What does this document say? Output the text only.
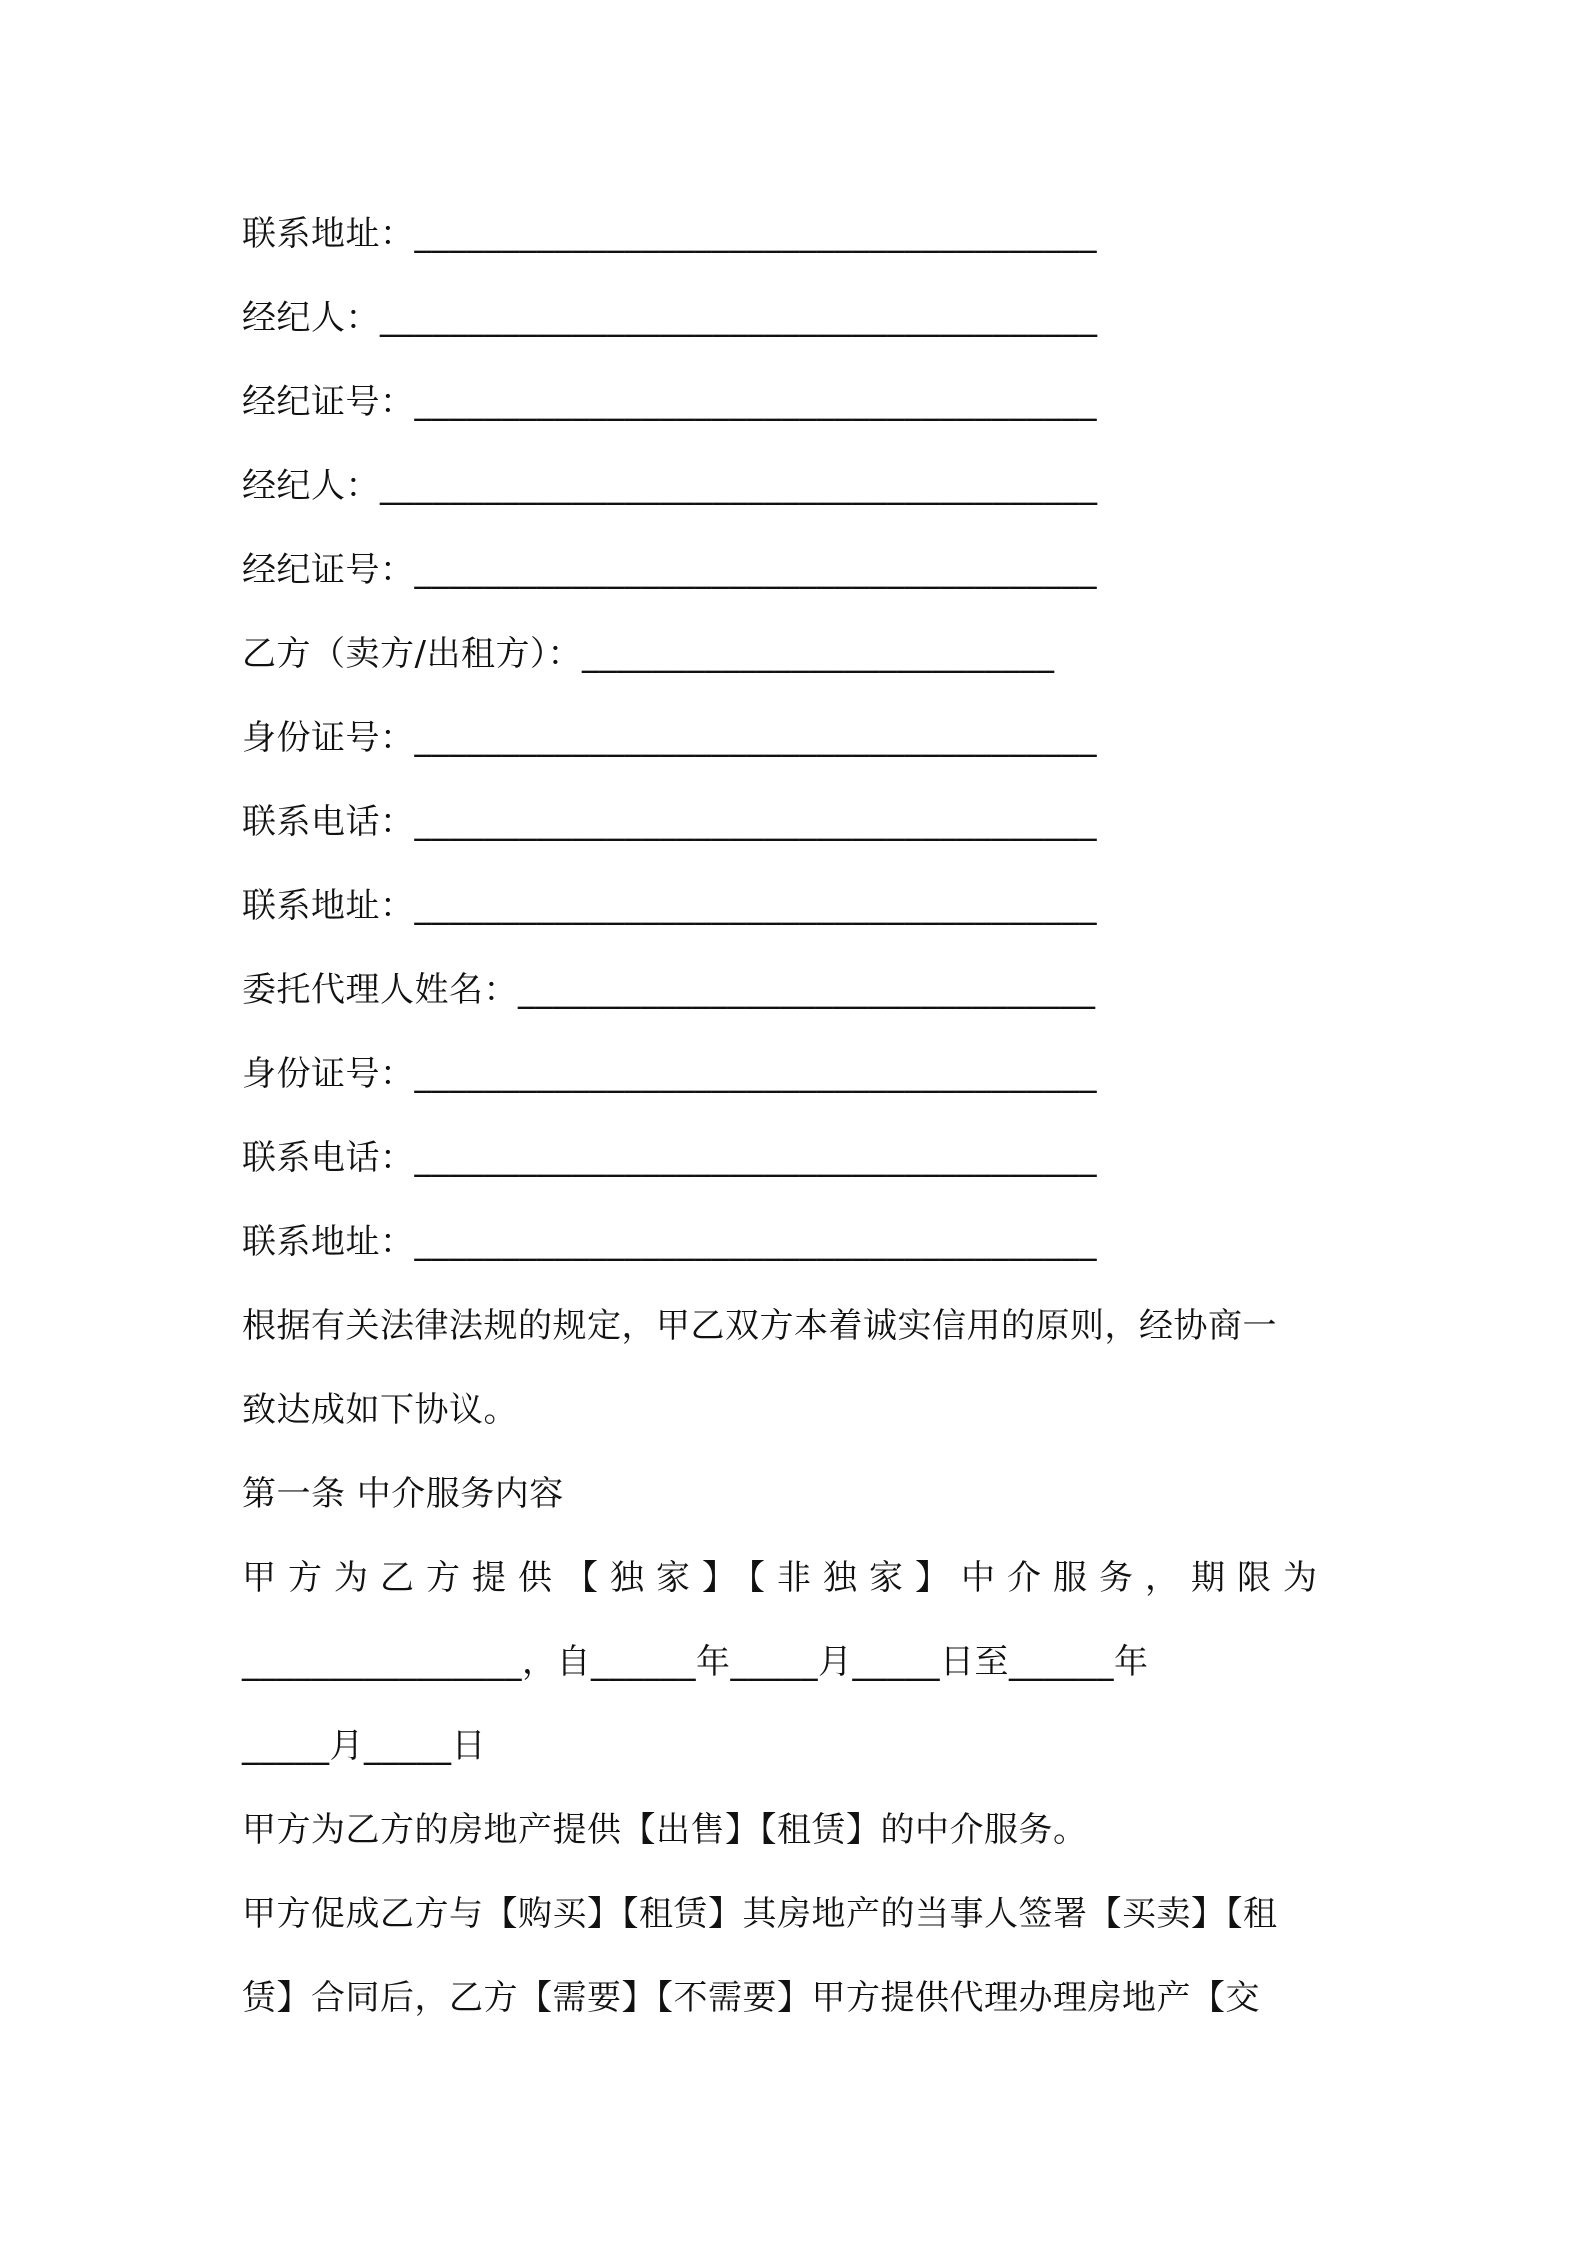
联系地址：_______________________________________
经纪人：_________________________________________
经纪证号：_______________________________________
经纪人：_________________________________________
经纪证号：_______________________________________
乙方（卖方/出租方）：___________________________
身份证号：_______________________________________
联系电话：_______________________________________
联系地址：_______________________________________
委托代理人姓名：_________________________________
身份证号：_______________________________________
联系电话：_______________________________________
联系地址：_______________________________________
根据有关法律法规的规定，甲乙双方本着诚实信用的原则，经协商一
致达成如下协议。
第一条 中介服务内容
甲方为乙方提供【独家】【非独家】中介服务，期限为
________________，自______年_____月_____日至______年
_____月_____日
甲方为乙方的房地产提供【出售】【租赁】的中介服务。
甲方促成乙方与【购买】【租赁】其房地产的当事人签署【买卖】【租
赁】合同后，乙方【需要】【不需要】甲方提供代理办理房地产【交
